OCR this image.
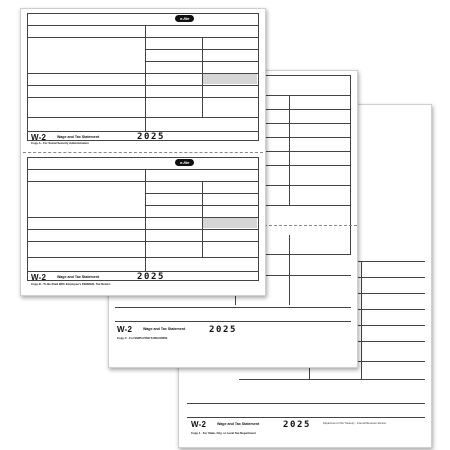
e-file
W-2	Wage and Tax Statement	2025
Copy A - For Social Security Administration
e-file
W-2	Wage and Tax Statement	2025
Copy B - To Be Filed With Employee's FEDERAL Tax Return
W-2	Wage and Tax Statement	2025
Copy C - For EMPLOYEE'S RECORDS
W-2	Wage and Tax Statement	2025
Copy 1 - For State, City, or Local Tax Department
Department of the Treasury - Internal Revenue Service
